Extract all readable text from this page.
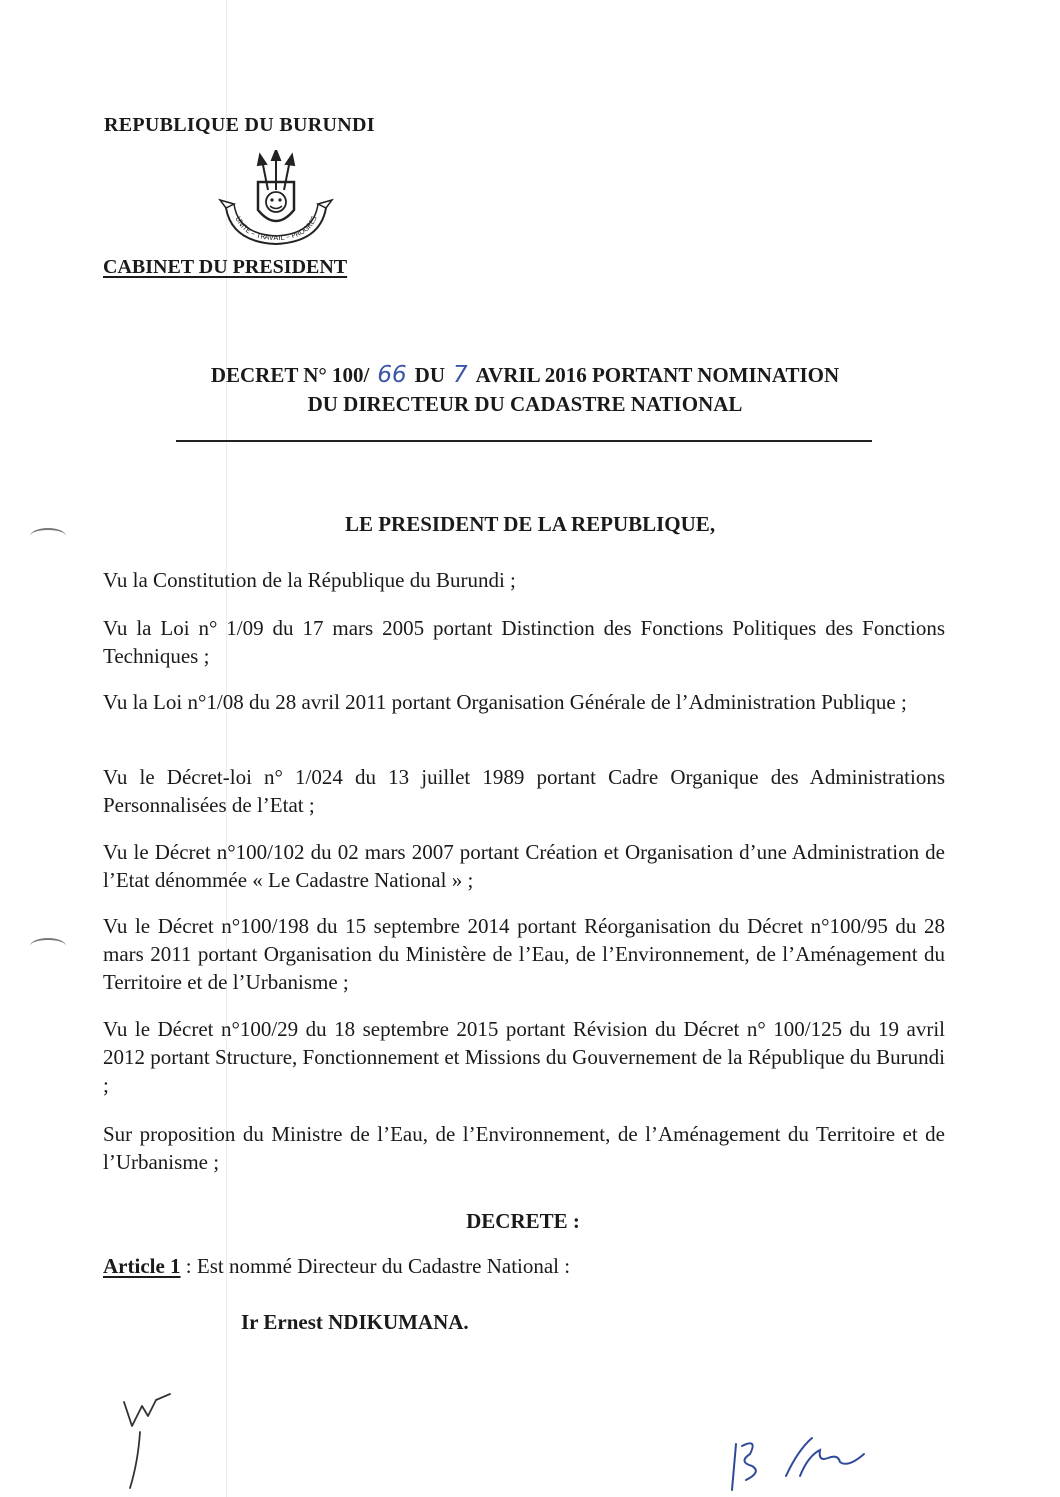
REPUBLIQUE DU BURUNDI
UNITE – TRAVAIL – PROGRES
CABINET DU PRESIDENT
DECRET N° 100/ 66 DU 7 AVRIL 2016 PORTANT NOMINATION
DU DIRECTEUR DU CADASTRE NATIONAL
LE PRESIDENT DE LA REPUBLIQUE,

Vu la Constitution de la République du Burundi ;

Vu la Loi n° 1/09 du 17 mars 2005 portant Distinction des Fonctions Politiques des Fonctions Techniques ;

Vu la Loi n°1/08 du 28 avril 2011 portant Organisation Générale de l’Administration Publique ;

Vu le Décret-loi n° 1/024 du 13 juillet 1989 portant Cadre Organique des Administrations Personnalisées de l’Etat ;

Vu le Décret n°100/102 du 02 mars 2007 portant Création et Organisation d’une Administration de l’Etat dénommée « Le Cadastre National » ;

Vu le Décret n°100/198 du 15 septembre 2014 portant Réorganisation du Décret n°100/95 du 28 mars 2011 portant Organisation du Ministère de l’Eau, de l’Environnement, de l’Aménagement du Territoire et de l’Urbanisme ;

Vu le Décret n°100/29 du 18 septembre 2015 portant Révision du Décret n° 100/125 du 19 avril 2012 portant Structure, Fonctionnement et Missions du Gouvernement de la République du Burundi ;

Sur proposition du Ministre de l’Eau, de l’Environnement, de l’Aménagement du Territoire et de l’Urbanisme ;

DECRETE :
Article 1 : Est nommé Directeur du Cadastre National :
Ir Ernest NDIKUMANA.
